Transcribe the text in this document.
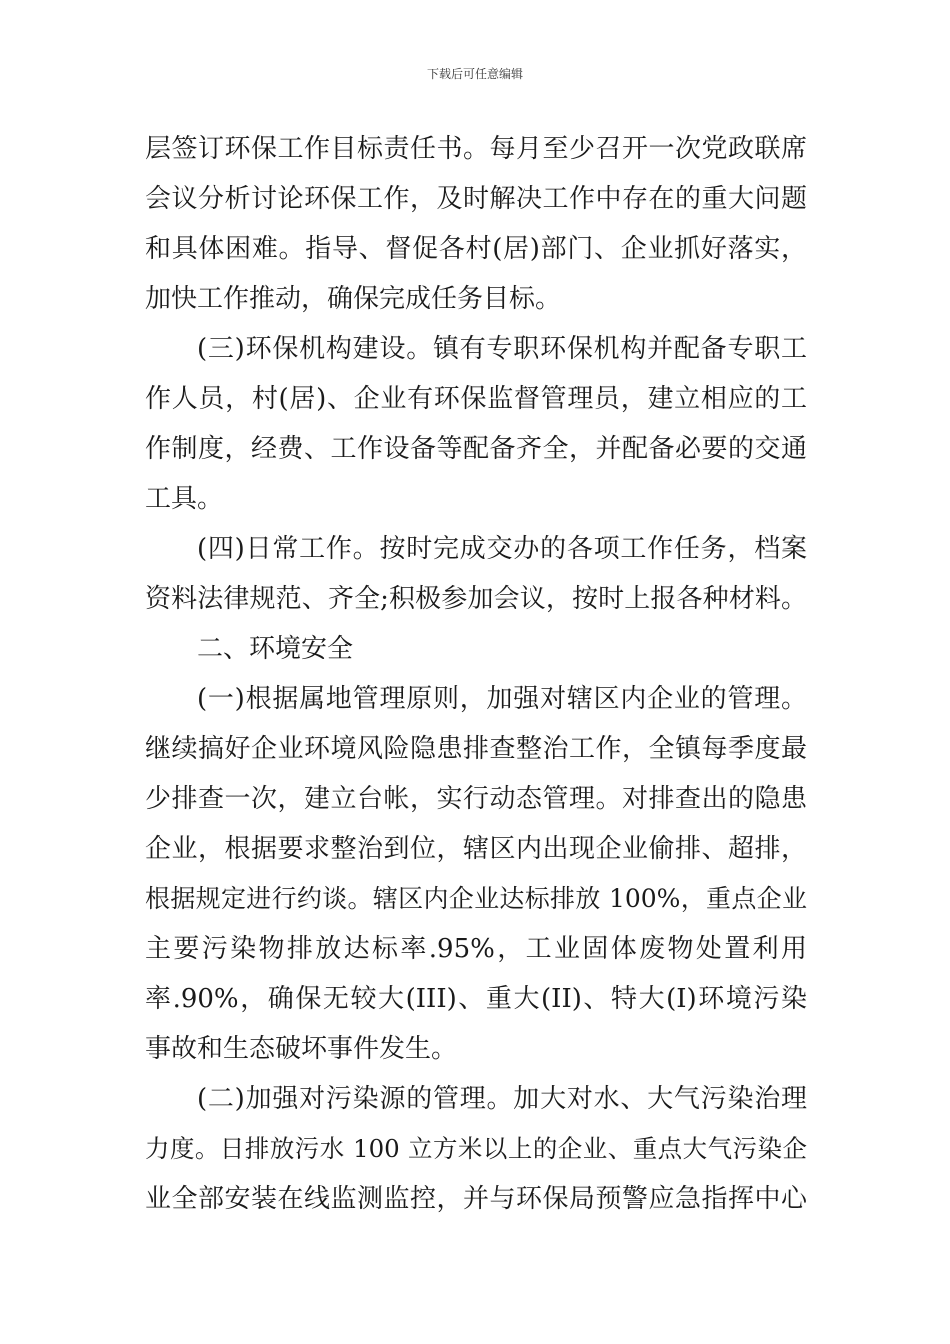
下载后可任意编辑
层签订环保工作目标责任书。每月至少召开一次党政联席
会议分析讨论环保工作，及时解决工作中存在的重大问题
和具体困难。指导、督促各村(居)部门、企业抓好落实，
加快工作推动，确保完成任务目标。
(三)环保机构建设。镇有专职环保机构并配备专职工
作人员，村(居)、企业有环保监督管理员，建立相应的工
作制度，经费、工作设备等配备齐全，并配备必要的交通
工具。
(四)日常工作。按时完成交办的各项工作任务，档案
资料法律规范、齐全;积极参加会议，按时上报各种材料。
二、环境安全
(一)根据属地管理原则，加强对辖区内企业的管理。
继续搞好企业环境风险隐患排查整治工作，全镇每季度最
少排查一次，建立台帐，实行动态管理。对排查出的隐患
企业，根据要求整治到位，辖区内出现企业偷排、超排，
根据规定进行约谈。辖区内企业达标排放 100%，重点企业
主要污染物排放达标率.95%，工业固体废物处置利用
率.90%，确保无较大(III)、重大(II)、特大(I)环境污染
事故和生态破坏事件发生。
(二)加强对污染源的管理。加大对水、大气污染治理
力度。日排放污水 100 立方米以上的企业、重点大气污染企
业全部安装在线监测监控，并与环保局预警应急指挥中心
